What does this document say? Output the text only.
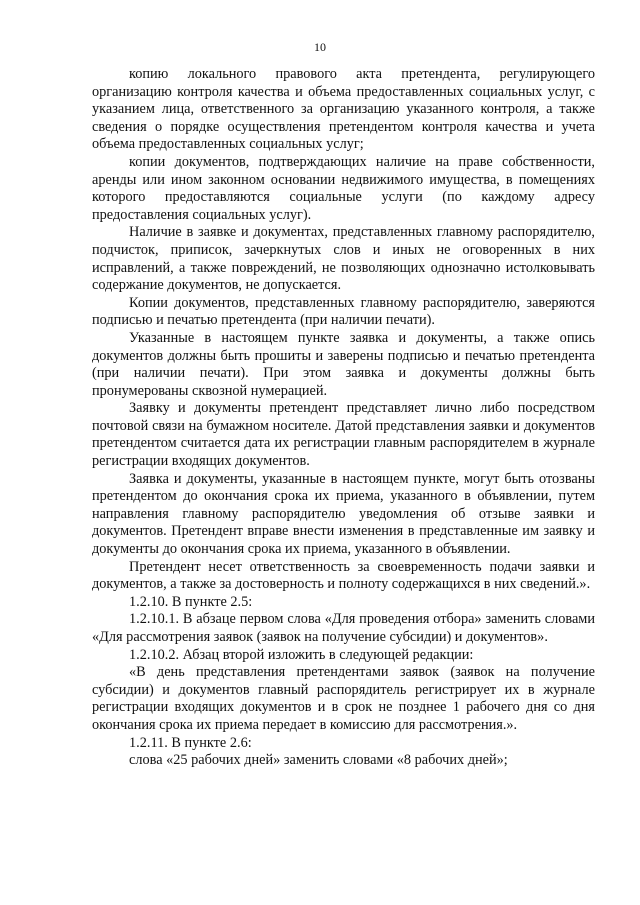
10

копию локального правового акта претендента, регулирующего организацию контроля качества и объема предоставленных социальных услуг, с указанием лица, ответственного за организацию указанного контроля, а также сведения о порядке осуществления претендентом контроля качества и учета объема предоставленных социальных услуг;

копии документов, подтверждающих наличие на праве собственности, аренды или ином законном основании недвижимого имущества, в помещениях которого предоставляются социальные услуги (по каждому адресу предоставления социальных услуг).

Наличие в заявке и документах, представленных главному распорядителю, подчисток, приписок, зачеркнутых слов и иных не оговоренных в них исправлений, а также повреждений, не позволяющих однозначно истолковывать содержание документов, не допускается.

Копии документов, представленных главному распорядителю, заверяются подписью и печатью претендента (при наличии печати).

Указанные в настоящем пункте заявка и документы, а также опись документов должны быть прошиты и заверены подписью и печатью претендента (при наличии печати). При этом заявка и документы должны быть пронумерованы сквозной нумерацией.

Заявку и документы претендент представляет лично либо посредством почтовой связи на бумажном носителе. Датой представления заявки и документов претендентом считается дата их регистрации главным распорядителем в журнале регистрации входящих документов.

Заявка и документы, указанные в настоящем пункте, могут быть отозваны претендентом до окончания срока их приема, указанного в объявлении, путем направления главному распорядителю уведомления об отзыве заявки и документов. Претендент вправе внести изменения в представленные им заявку и документы до окончания срока их приема, указанного в объявлении.

Претендент несет ответственность за своевременность подачи заявки и документов, а также за достоверность и полноту содержащихся в них сведений.».

1.2.10. В пункте 2.5:

1.2.10.1. В абзаце первом слова «Для проведения отбора» заменить словами «Для рассмотрения заявок (заявок на получение субсидии) и документов».

1.2.10.2. Абзац второй изложить в следующей редакции:

«В день представления претендентами заявок (заявок на получение субсидии) и документов главный распорядитель регистрирует их в журнале регистрации входящих документов и в срок не позднее 1 рабочего дня со дня окончания срока их приема передает в комиссию для рассмотрения.».

1.2.11. В пункте 2.6:

слова «25 рабочих дней» заменить словами «8 рабочих дней»;
